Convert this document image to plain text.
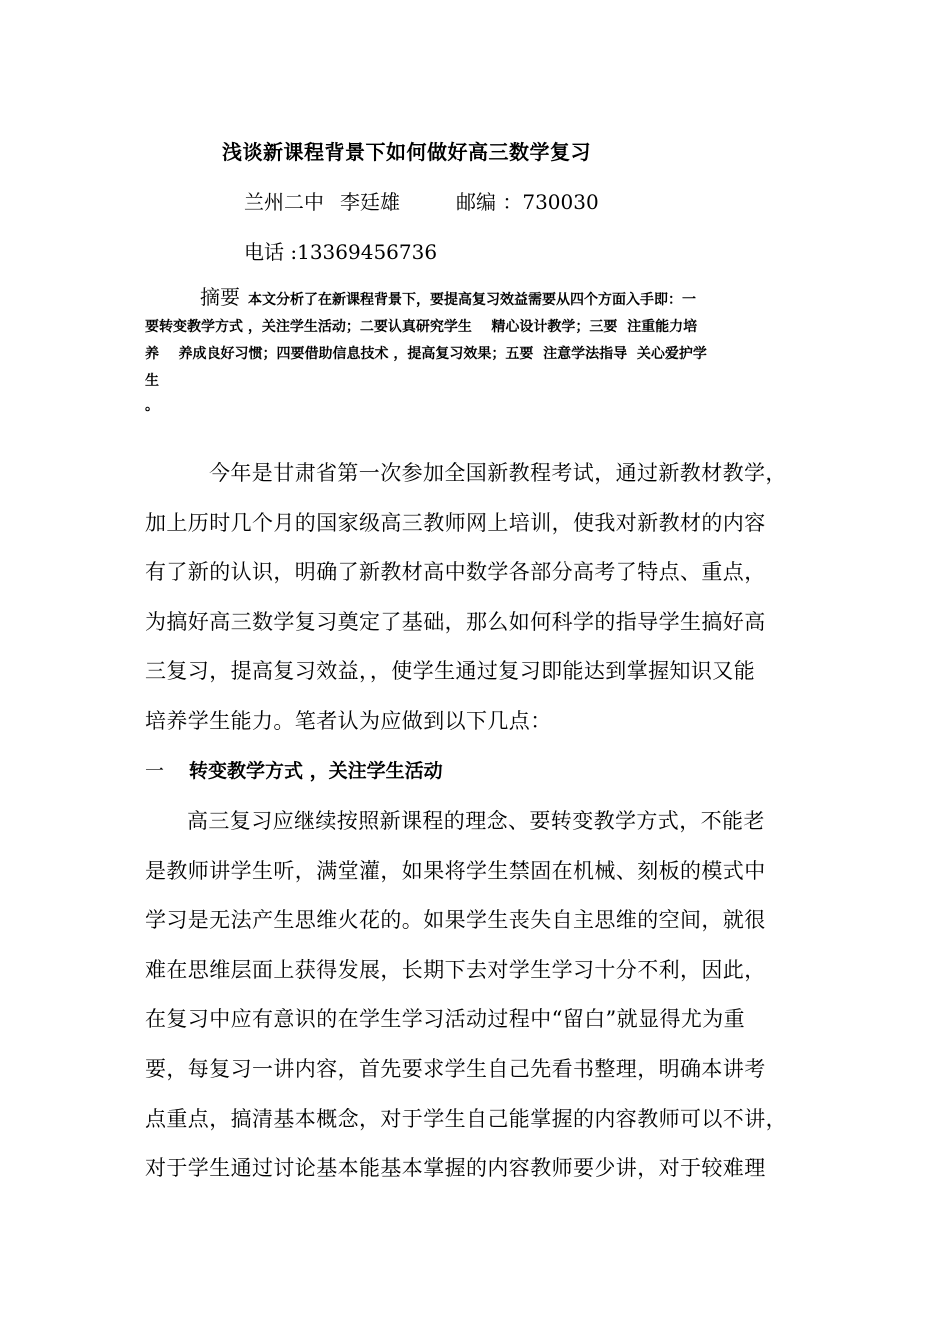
浅谈新课程背景下如何做好高三数学复习
兰州二中 李廷雄	邮编 ：730030
电话 :13369456736
摘要 本文分析了在新课程背景下，要提高复习效益需要从四个方面入手即：一
要转变教学方式 ，关注学生活动；二要认真研究学生    精心设计教学；三要  注重能力培
养    养成良好习惯；四要借助信息技术 ，提高复习效果；五要  注意学法指导  关心爱护学
生
。
今年是甘肃省第一次参加全国新教程考试，通过新教材教学，
加上历时几个月的国家级高三教师网上培训，使我对新教材的内容
有了新的认识，明确了新教材高中数学各部分高考了特点、重点，
为搞好高三数学复习奠定了基础，那么如何科学的指导学生搞好高
三复习，提高复习效益，，使学生通过复习即能达到掌握知识又能
培养学生能力。笔者认为应做到以下几点：
一 转变教学方式 ，关注学生活动
高三复习应继续按照新课程的理念、要转变教学方式，不能老
是教师讲学生听，满堂灌，如果将学生禁固在机械、刻板的模式中
学习是无法产生思维火花的。如果学生丧失自主思维的空间，就很
难在思维层面上获得发展，长期下去对学生学习十分不利，因此，
在复习中应有意识的在学生学习活动过程中“留白”就显得尤为重
要，每复习一讲内容，首先要求学生自己先看书整理，明确本讲考
点重点，搞清基本概念，对于学生自己能掌握的内容教师可以不讲，
对于学生通过讨论基本能基本掌握的内容教师要少讲，对于较难理
